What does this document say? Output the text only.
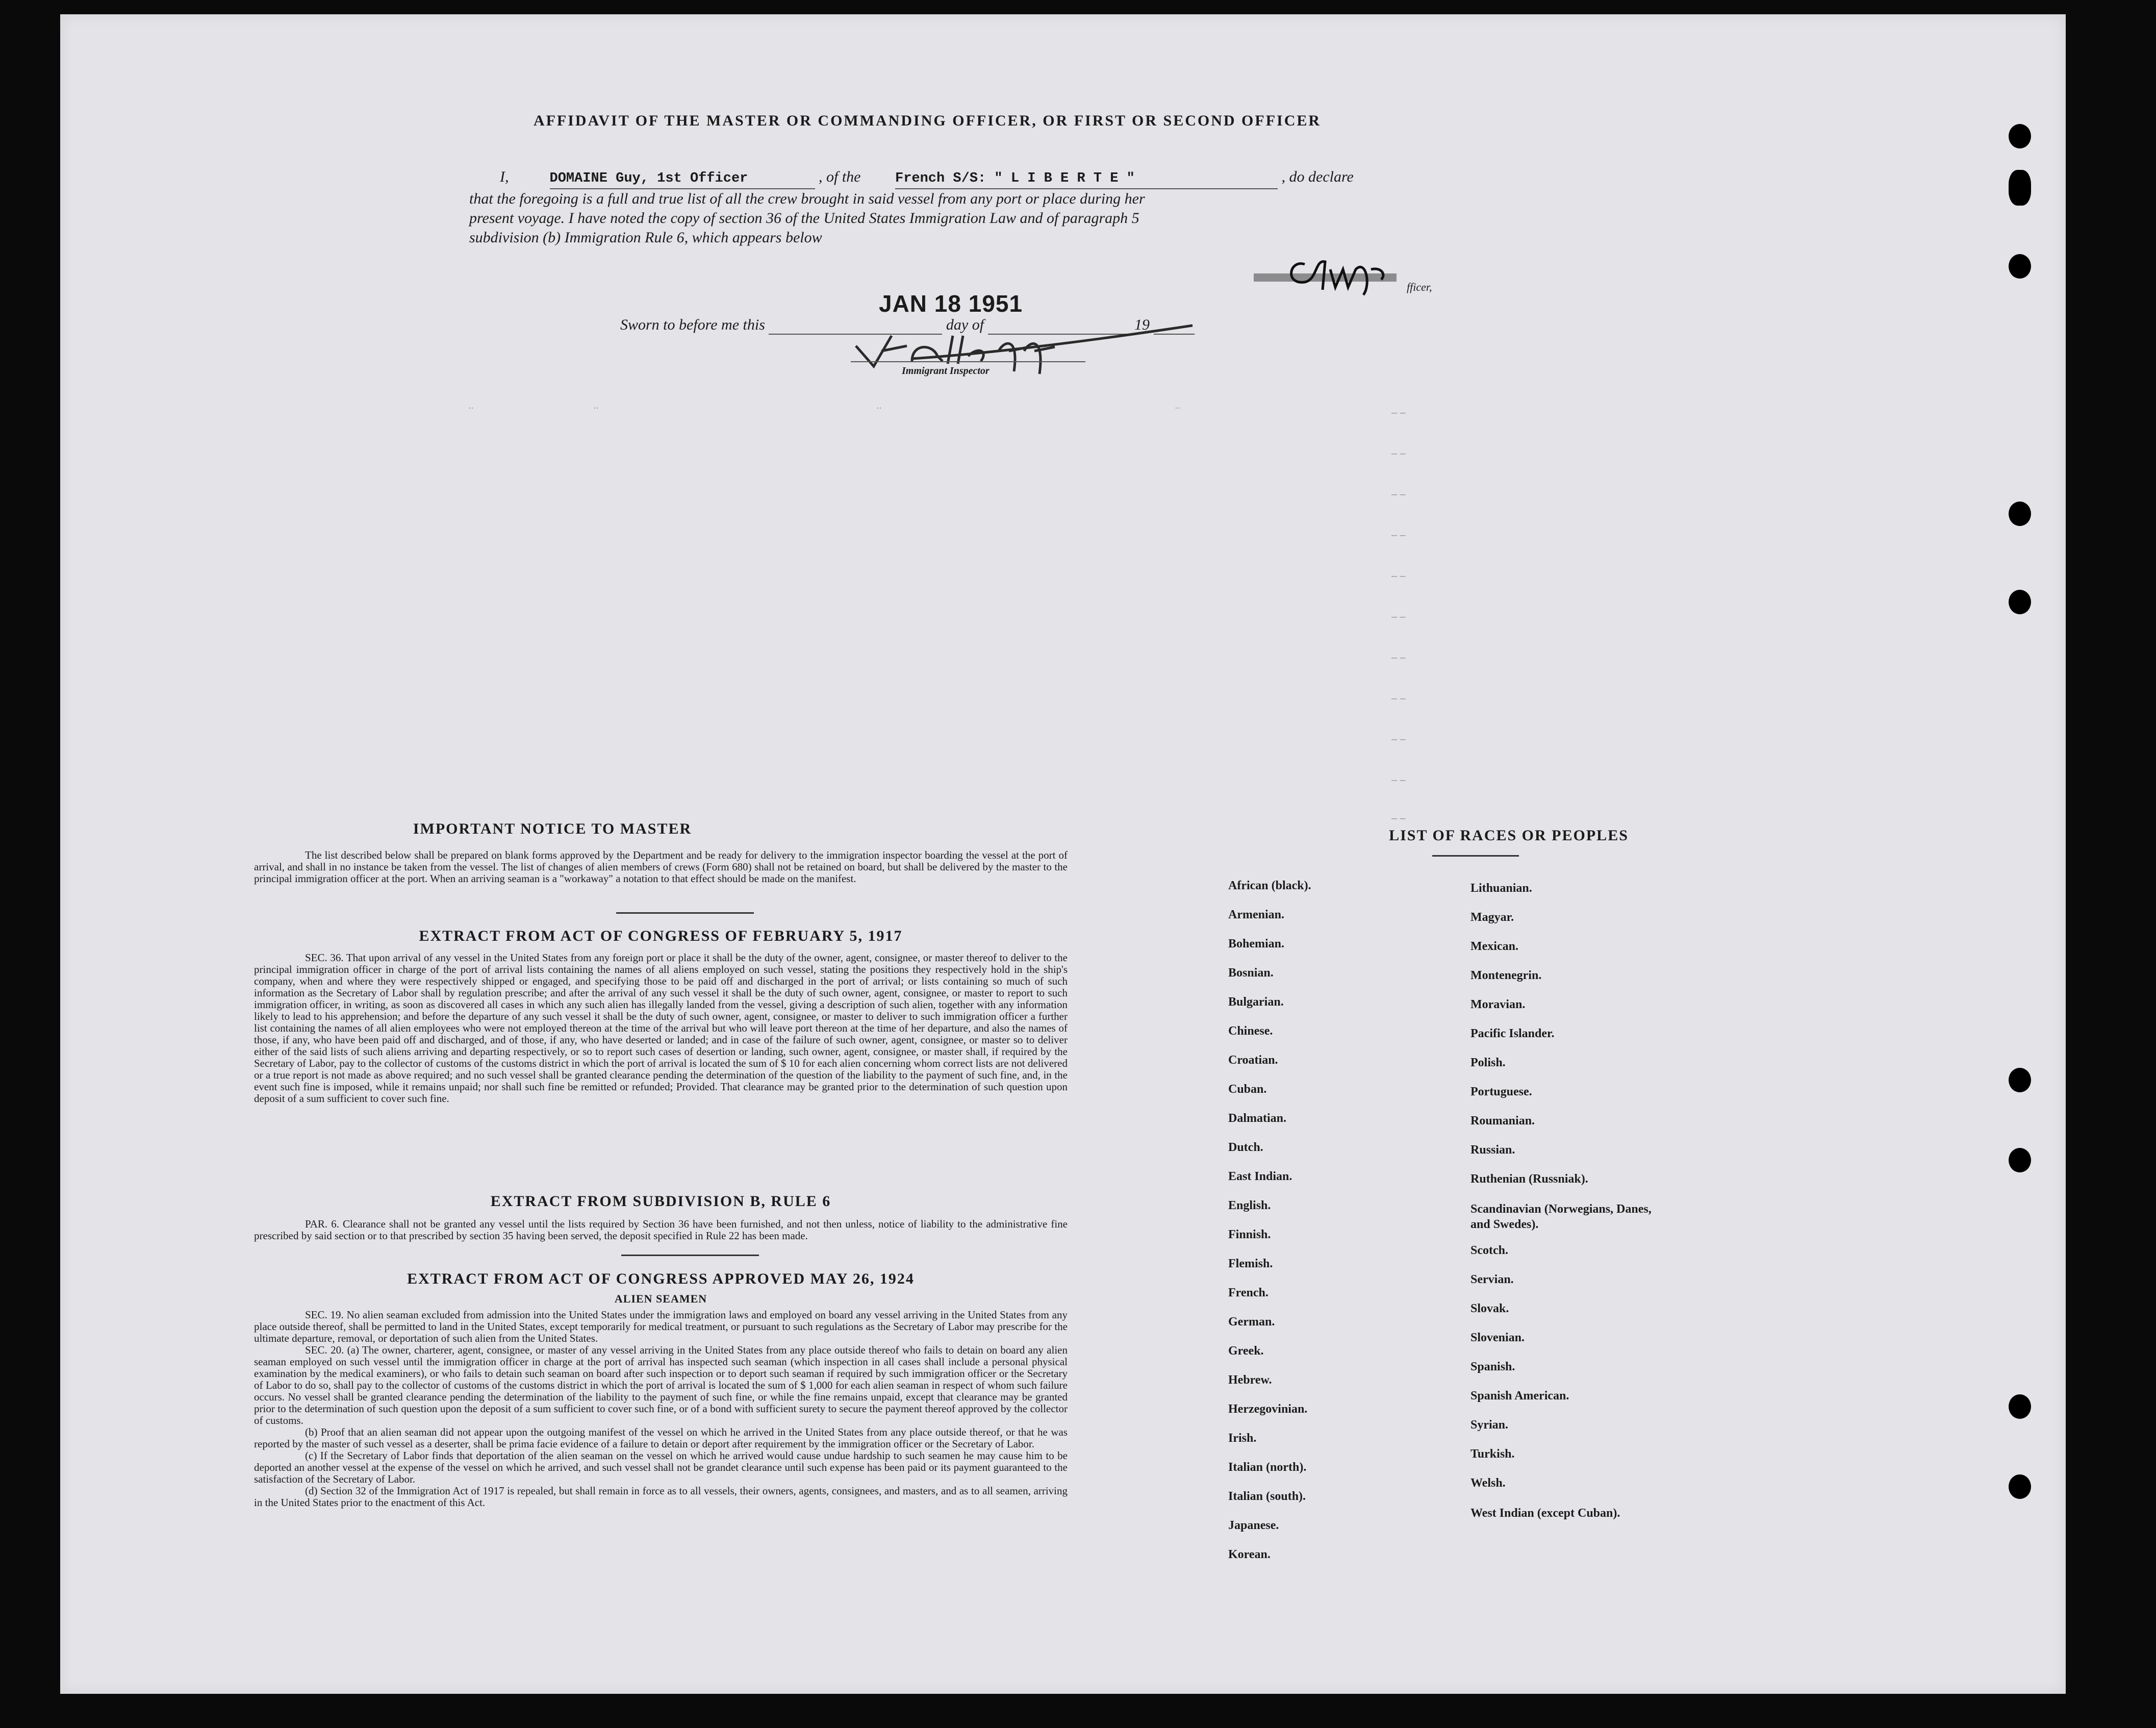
AFFIDAVIT OF THE MASTER OR COMMANDING OFFICER, OR FIRST OR SECOND OFFICER
I,	DOMAINE Guy, 1st Officer	, of the	French S/S: " L I B E R T E "	, do declare
that the foregoing is a full and true list of all the crew brought in said vessel from any port or place during her
present voyage. I have noted the copy of section 36 of the United States Immigration Law and of paragraph 5
subdivision (b) Immigration Rule 6, which appears below
fficer,
JAN 18 1951
Sworn to before me this	day of	19
Immigrant Inspector
ᐧᐧ	ᐧᐧ	ᐧᐧ	ᐧᐧ	– –
– –
– –
– –
– –
– –
– –
– –
– –
– –
– –
IMPORTANT NOTICE TO MASTER
The list described below shall be prepared on blank forms approved by the Department and be ready for delivery to the immigration inspector boarding the vessel at the port of arrival, and shall in no instance be taken from the vessel. The list of changes of alien members of crews (Form 680) shall not be retained on board, but shall be delivered by the master to the principal immigration officer at the port. When an arriving seaman is a "workaway" a notation to that effect should be made on the manifest.
EXTRACT FROM ACT OF CONGRESS OF FEBRUARY 5, 1917
SEC. 36. That upon arrival of any vessel in the United States from any foreign port or place it shall be the duty of the owner, agent, consignee, or master thereof to deliver to the principal immigration officer in charge of the port of arrival lists containing the names of all aliens employed on such vessel, stating the positions they respectively hold in the ship's company, when and where they were respectively shipped or engaged, and specifying those to be paid off and discharged in the port of arrival; or lists containing so much of such information as the Secretary of Labor shall by regulation prescribe; and after the arrival of any such vessel it shall be the duty of such owner, agent, consignee, or master to report to such immigration officer, in writing, as soon as discovered all cases in which any such alien has illegally landed from the vessel, giving a description of such alien, together with any information likely to lead to his apprehension; and before the departure of any such vessel it shall be the duty of such owner, agent, consignee, or master to deliver to such immigration officer a further list containing the names of all alien employees who were not employed thereon at the time of the arrival but who will leave port thereon at the time of her departure, and also the names of those, if any, who have been paid off and discharged, and of those, if any, who have deserted or landed; and in case of the failure of such owner, agent, consignee, or master so to deliver either of the said lists of such aliens arriving and departing respectively, or so to report such cases of desertion or landing, such owner, agent, consignee, or master shall, if required by the Secretary of Labor, pay to the collector of customs of the customs district in which the port of arrival is located the sum of $ 10 for each alien concerning whom correct lists are not delivered or a true report is not made as above required; and no such vessel shall be granted clearance pending the determination of the question of the liability to the payment of such fine, and, in the event such fine is imposed, while it remains unpaid; nor shall such fine be remitted or refunded; Provided. That clearance may be granted prior to the determination of such question upon deposit of a sum sufficient to cover such fine.
EXTRACT FROM SUBDIVISION B, RULE 6
PAR. 6. Clearance shall not be granted any vessel until the lists required by Section 36 have been furnished, and not then unless, notice of liability to the administrative fine prescribed by said section or to that prescribed by section 35 having been served, the deposit specified in Rule 22 has been made.
EXTRACT FROM ACT OF CONGRESS APPROVED MAY 26, 1924
ALIEN SEAMEN
SEC. 19. No alien seaman excluded from admission into the United States under the immigration laws and employed on board any vessel arriving in the United States from any place outside thereof, shall be permitted to land in the United States, except temporarily for medical treatment, or pursuant to such regulations as the Secretary of Labor may prescribe for the ultimate departure, removal, or deportation of such alien from the United States.
SEC. 20. (a) The owner, charterer, agent, consignee, or master of any vessel arriving in the United States from any place outside thereof who fails to detain on board any alien seaman employed on such vessel until the immigration officer in charge at the port of arrival has inspected such seaman (which inspection in all cases shall include a personal physical examination by the medical examiners), or who fails to detain such seaman on board after such inspection or to deport such seaman if required by such immigration officer or the Secretary of Labor to do so, shall pay to the collector of customs of the customs district in which the port of arrival is located the sum of $ 1,000 for each alien seaman in respect of whom such failure occurs. No vessel shall be granted clearance pending the determination of the liability to the payment of such fine, or while the fine remains unpaid, except that clearance may be granted prior to the determination of such question upon the deposit of a sum sufficient to cover such fine, or of a bond with sufficient surety to secure the payment thereof approved by the collector of customs.
(b) Proof that an alien seaman did not appear upon the outgoing manifest of the vessel on which he arrived in the United States from any place outside thereof, or that he was reported by the master of such vessel as a deserter, shall be prima facie evidence of a failure to detain or deport after requirement by the immigration officer or the Secretary of Labor.
(c) If the Secretary of Labor finds that deportation of the alien seaman on the vessel on which he arrived would cause undue hardship to such seamen he may cause him to be deported an another vessel at the expense of the vessel on which he arrived, and such vessel shall not be grandet clearance until such expense has been paid or its payment guaranteed to the satisfaction of the Secretary of Labor.
(d) Section 32 of the Immigration Act of 1917 is repealed, but shall remain in force as to all vessels, their owners, agents, consignees, and masters, and as to all seamen, arriving in the United States prior to the enactment of this Act.
LIST OF RACES OR PEOPLES
African (black).
Armenian.
Bohemian.
Bosnian.
Bulgarian.
Chinese.
Croatian.
Cuban.
Dalmatian.
Dutch.
East Indian.
English.
Finnish.
Flemish.
French.
German.
Greek.
Hebrew.
Herzegovinian.
Irish.
Italian (north).
Italian (south).
Japanese.
Korean.
Lithuanian.
Magyar.
Mexican.
Montenegrin.
Moravian.
Pacific Islander.
Polish.
Portuguese.
Roumanian.
Russian.
Ruthenian (Russniak).
Scandinavian (Norwegians, Danes, and Swedes).
Scotch.
Servian.
Slovak.
Slovenian.
Spanish.
Spanish American.
Syrian.
Turkish.
Welsh.
West Indian (except Cuban).
